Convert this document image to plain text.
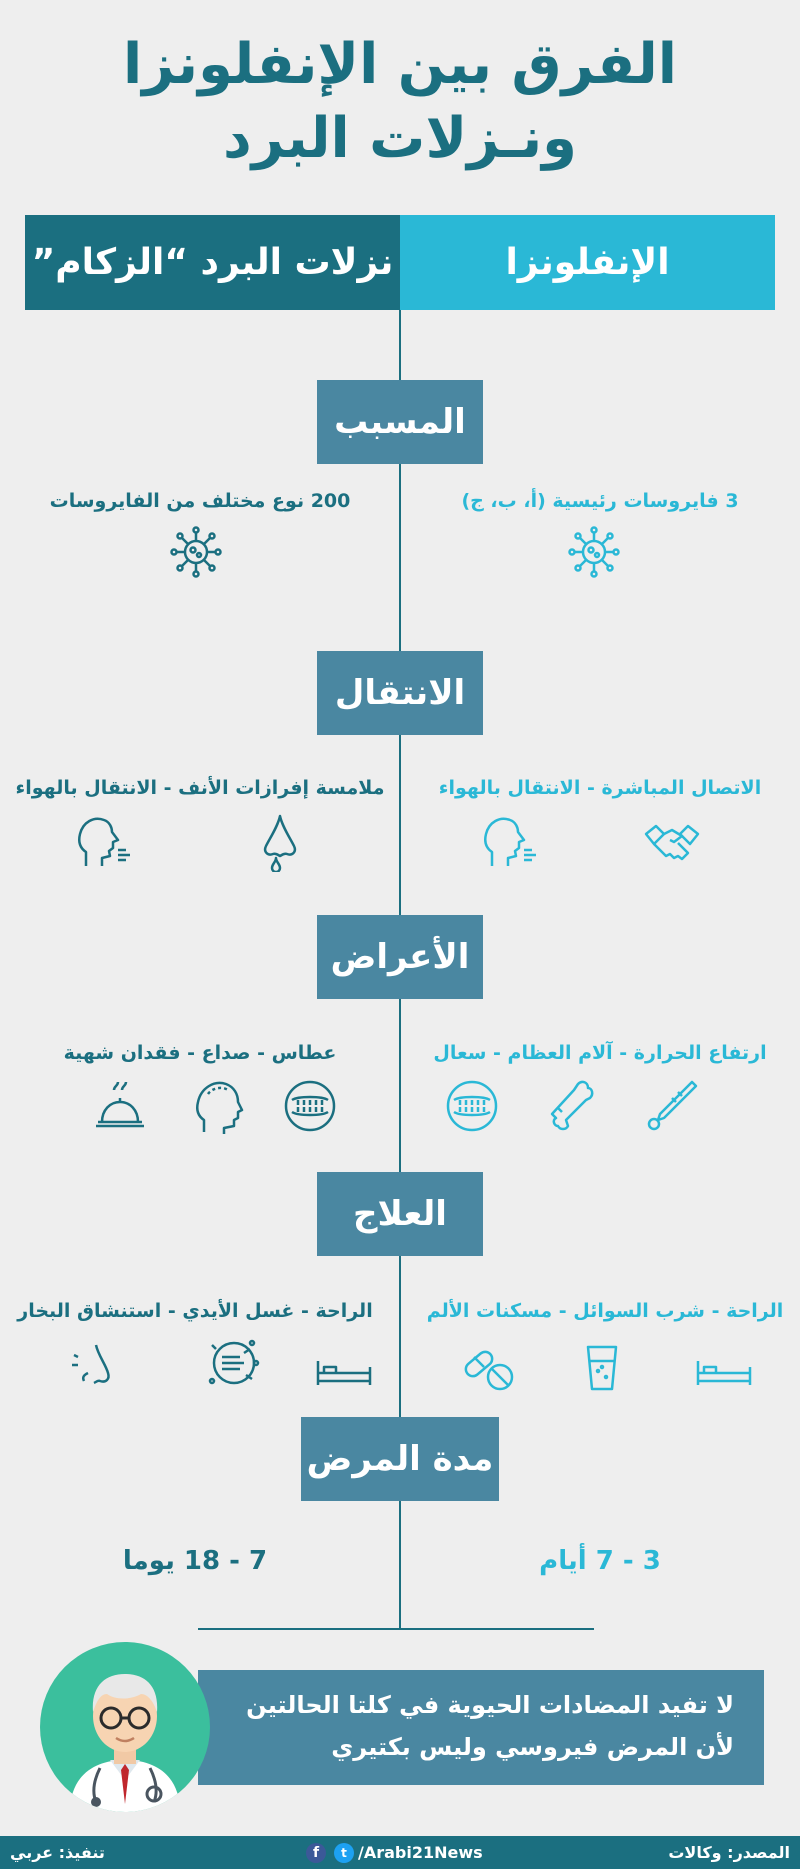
الفرق بين الإنفلونزا
ونـزلات البرد
الإنفلونزا
نزلات البرد “الزكام”
المسبب
3 فايروسات رئيسية (أ، ب، ج)
200 نوع مختلف من الفايروسات
الانتقال
الاتصال المباشرة - الانتقال بالهواء
ملامسة إفرازات الأنف - الانتقال بالهواء
الأعراض
ارتفاع الحرارة - آلام العظام - سعال
عطاس - صداع - فقدان شهية
العلاج
الراحة - شرب السوائل - مسكنات الألم
الراحة - غسل الأيدي - استنشاق البخار
مدة المرض
3 - 7 أيام
7 - 18 يوما
لا تفيد المضادات الحيوية في كلتا الحالتين
لأن المرض فيروسي وليس بكتيري
المصدر: وكالات
f	t /Arabi21News
تنفيذ: عربي
